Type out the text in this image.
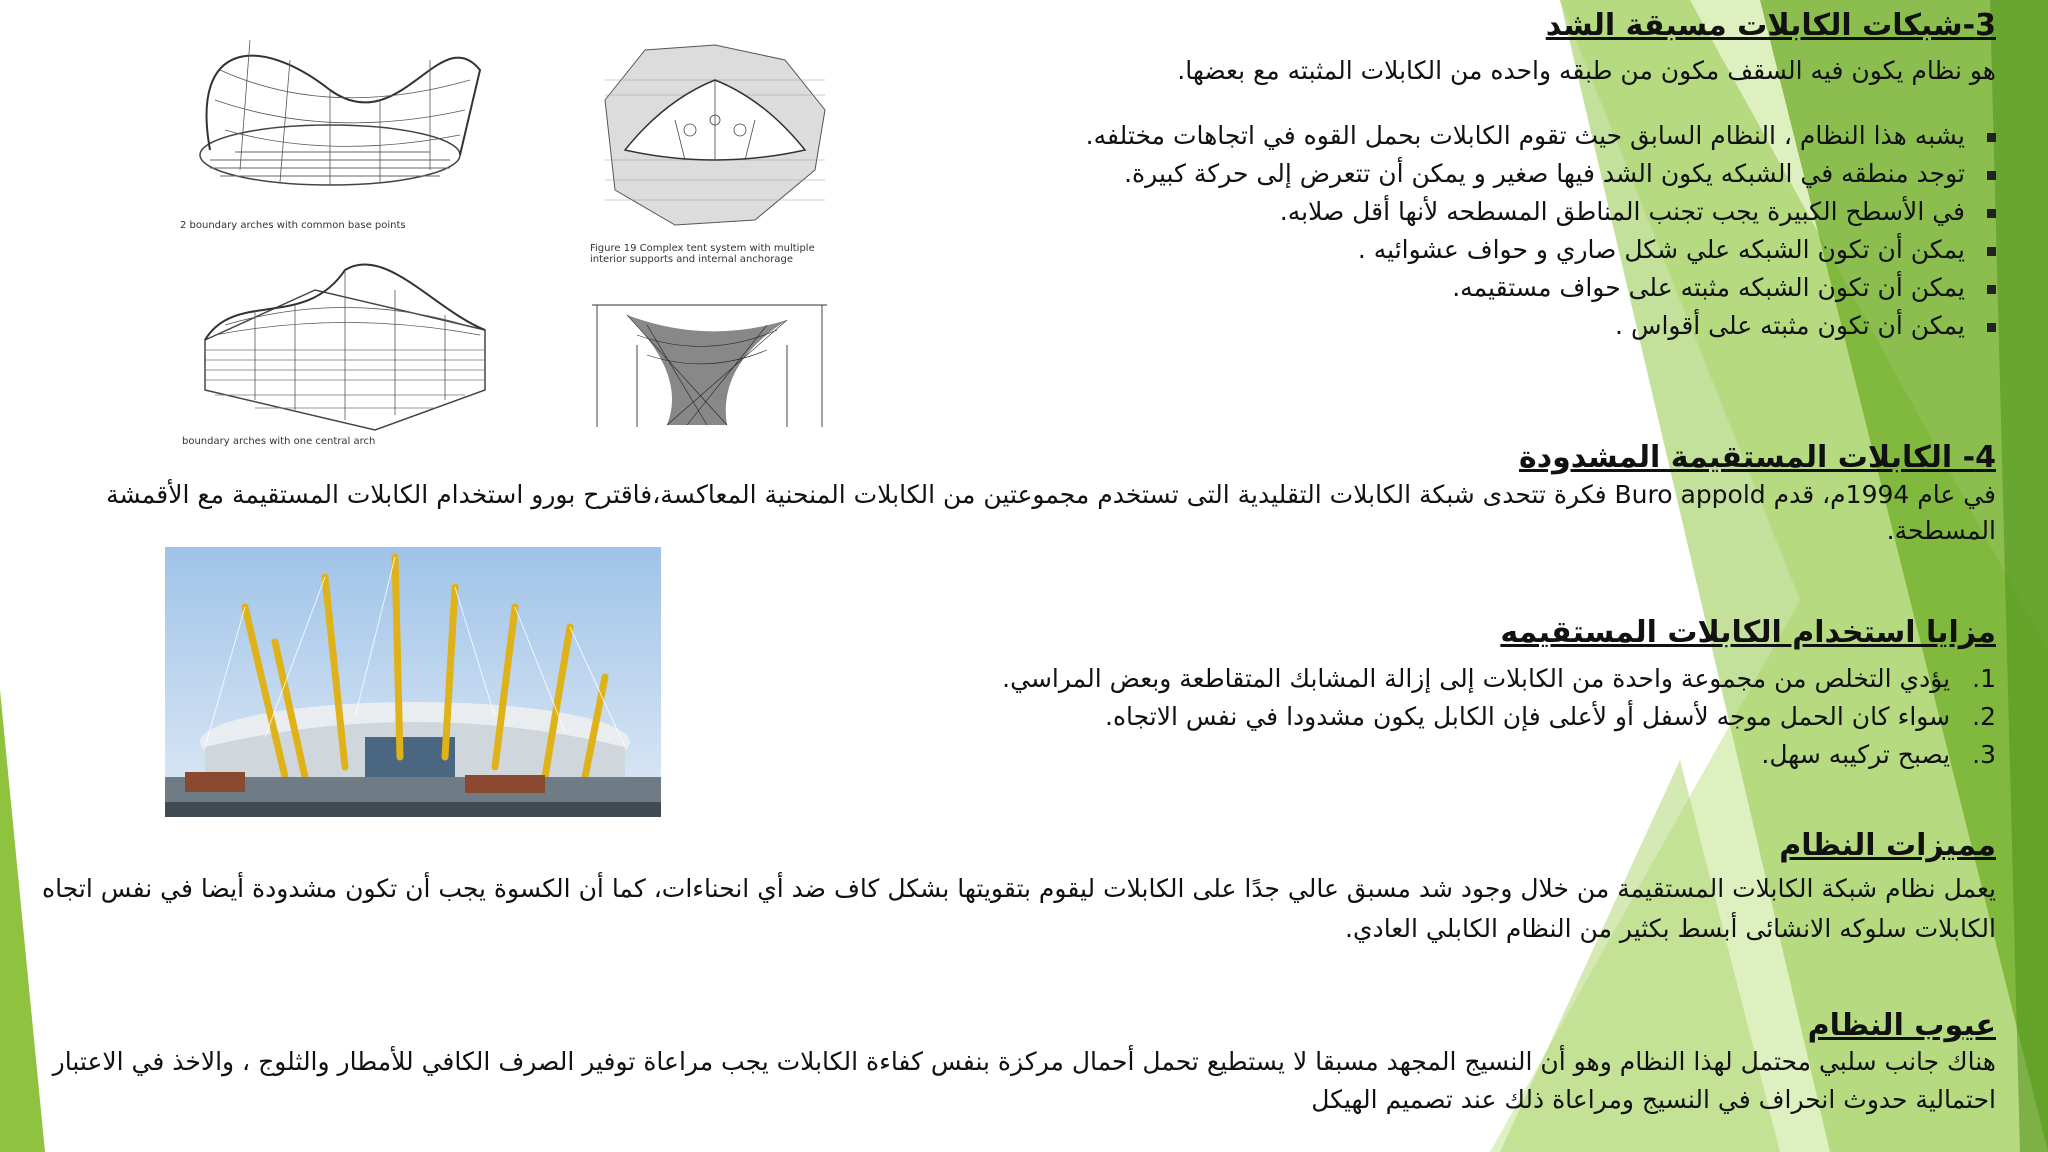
2 boundary arches with common base points
Figure 19 Complex tent system with multiple interior supports and internal anchorage
boundary arches with one central arch
3-شبكات الكابلات مسبقة الشد

هو نظام يكون فيه السقف مكون من طبقه واحده من الكابلات المثبته مع بعضها.

يشبه هذا النظام ، النظام السابق حيث تقوم الكابلات بحمل القوه في اتجاهات مختلفه.
توجد منطقه في الشبكه يكون الشد فيها صغير و يمكن أن تتعرض إلى حركة كبيرة.
في الأسطح الكبيرة يجب تجنب المناطق المسطحه لأنها أقل صلابه.
يمكن أن تكون الشبكه علي شكل صاري و حواف عشوائيه .
يمكن أن تكون الشبكه مثبته على حواف مستقيمه.
يمكن أن تكون مثبته على أقواس .
4- الكابلات المستقيمة المشدودة

في عام 1994م، قدم Buro appold فكرة تتحدى شبكة الكابلات التقليدية التى تستخدم مجموعتين من الكابلات المنحنية المعاكسة،فاقترح بورو استخدام الكابلات المستقيمة مع الأقمشة المسطحة.

مزايا استخدام الكابلات المستقيمه
1.يؤدي التخلص من مجموعة واحدة من الكابلات إلى إزالة المشابك المتقاطعة وبعض المراسي.
2.سواء كان الحمل موجه لأسفل أو لأعلى فإن الكابل يكون مشدودا في نفس الاتجاه.
3.يصبح تركيبه سهل.
مميزات النظام

يعمل نظام شبكة الكابلات المستقيمة من خلال وجود شد مسبق عالي جدًا على الكابلات ليقوم بتقويتها بشكل كاف ضد أي انحناءات، كما أن الكسوة يجب أن تكون مشدودة أيضا في نفس اتجاه الكابلات سلوكه الانشائى أبسط بكثير من النظام الكابلي العادي.

عيوب النظام

هناك جانب سلبي محتمل لهذا النظام وهو أن النسيج المجهد مسبقا لا يستطيع تحمل أحمال مركزة بنفس كفاءة الكابلات يجب مراعاة توفير الصرف الكافي للأمطار والثلوج ، والاخذ في الاعتبار احتمالية حدوث انحراف في النسيج ومراعاة ذلك عند تصميم الهيكل
